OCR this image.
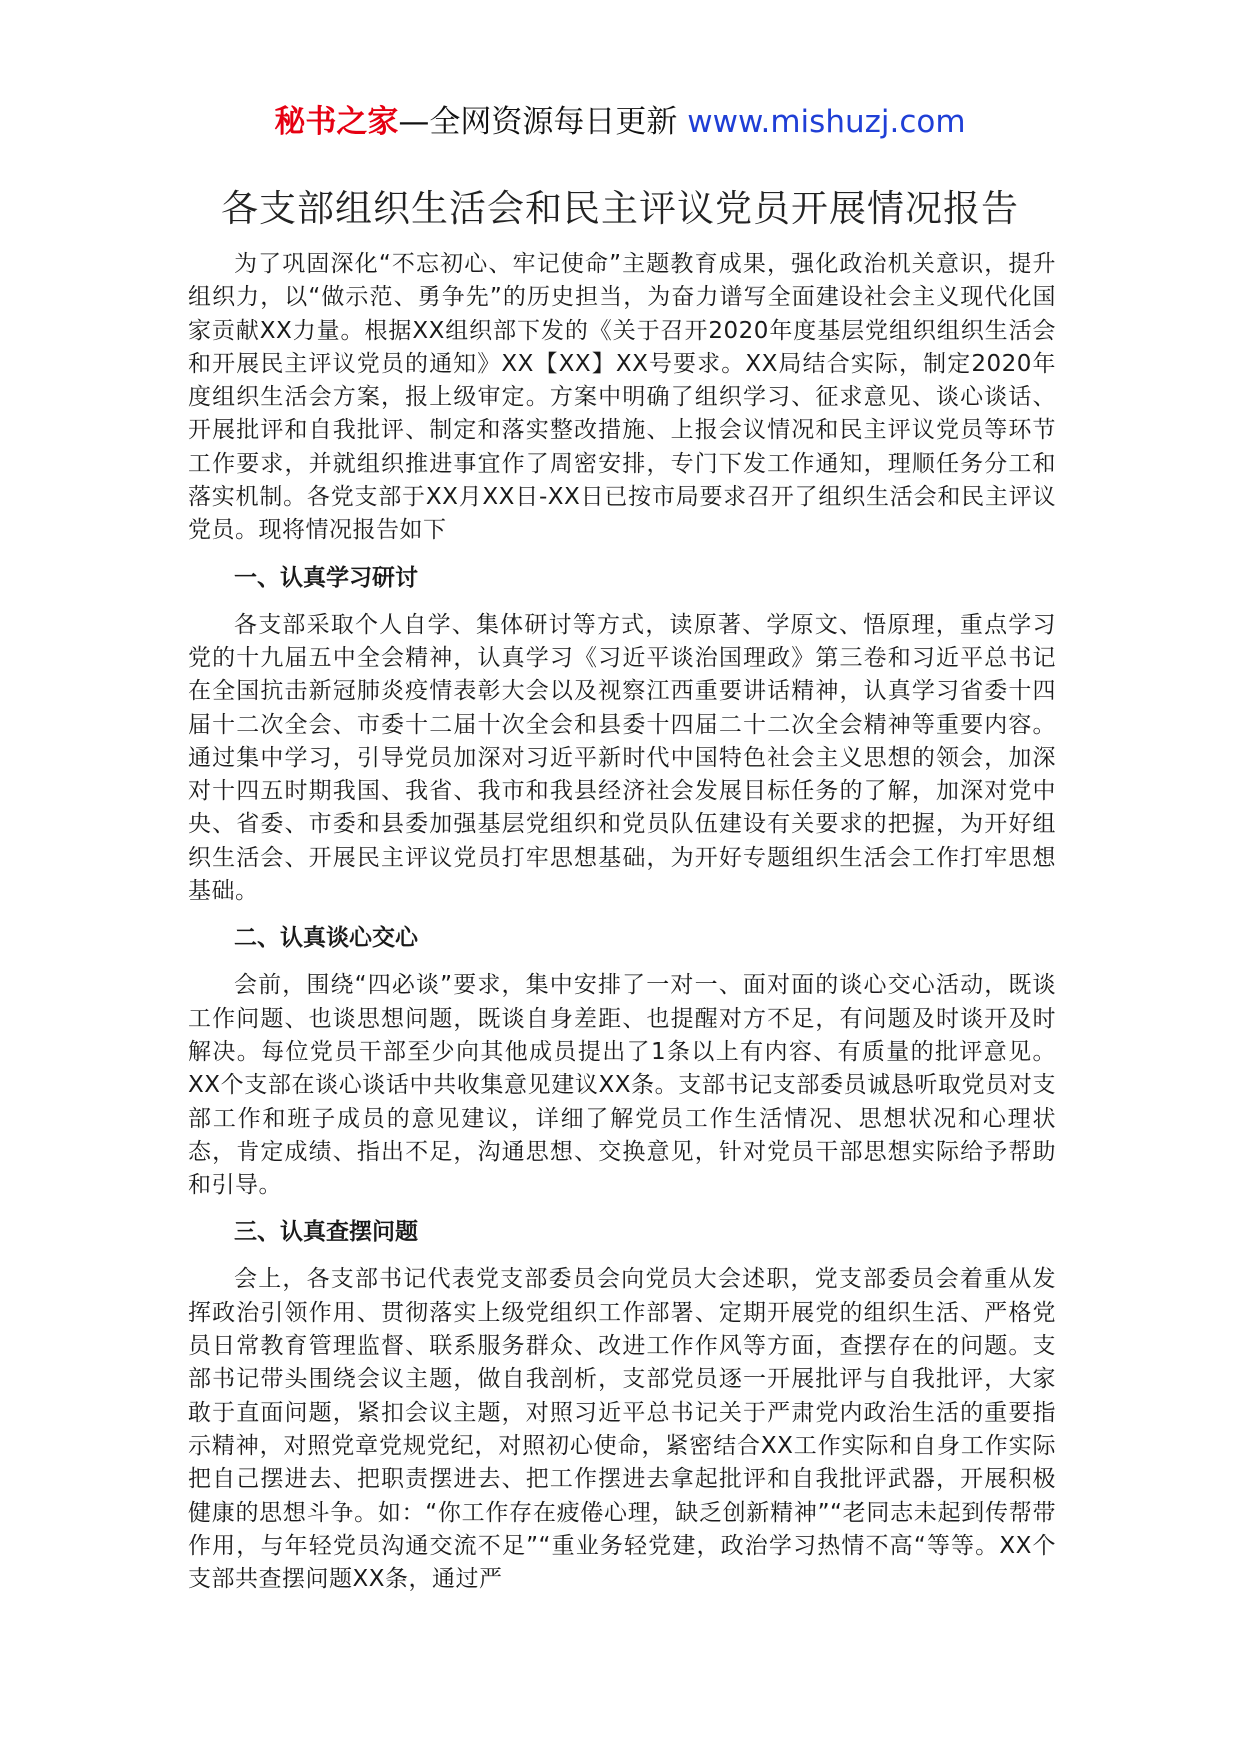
秘书之家—全网资源每日更新 www.mishuzj.com
各支部组织生活会和民主评议党员开展情况报告

为了巩固深化“不忘初心、牢记使命”主题教育成果，强化政治机关意识，提升组织力，以“做示范、勇争先”的历史担当，为奋力谱写全面建设社会主义现代化国家贡献XX力量。根据XX组织部下发的《关于召开2020年度基层党组织组织生活会和开展民主评议党员的通知》XX【XX】XX号要求。XX局结合实际，制定2020年度组织生活会方案，报上级审定。方案中明确了组织学习、征求意见、谈心谈话、开展批评和自我批评、制定和落实整改措施、上报会议情况和民主评议党员等环节工作要求，并就组织推进事宜作了周密安排，专门下发工作通知，理顺任务分工和落实机制。各党支部于XX月XX日-XX日已按市局要求召开了组织生活会和民主评议党员。现将情况报告如下

一、认真学习研讨

各支部采取个人自学、集体研讨等方式，读原著、学原文、悟原理，重点学习党的十九届五中全会精神，认真学习《习近平谈治国理政》第三卷和习近平总书记在全国抗击新冠肺炎疫情表彰大会以及视察江西重要讲话精神，认真学习省委十四届十二次全会、市委十二届十次全会和县委十四届二十二次全会精神等重要内容。通过集中学习，引导党员加深对习近平新时代中国特色社会主义思想的领会，加深对十四五时期我国、我省、我市和我县经济社会发展目标任务的了解，加深对党中央、省委、市委和县委加强基层党组织和党员队伍建设有关要求的把握，为开好组织生活会、开展民主评议党员打牢思想基础，为开好专题组织生活会工作打牢思想基础。

二、认真谈心交心

会前，围绕“四必谈”要求，集中安排了一对一、面对面的谈心交心活动，既谈工作问题、也谈思想问题，既谈自身差距、也提醒对方不足，有问题及时谈开及时解决。每位党员干部至少向其他成员提出了1条以上有内容、有质量的批评意见。XX个支部在谈心谈话中共收集意见建议XX条。支部书记支部委员诚恳听取党员对支部工作和班子成员的意见建议，详细了解党员工作生活情况、思想状况和心理状态，肯定成绩、指出不足，沟通思想、交换意见，针对党员干部思想实际给予帮助和引导。

三、认真查摆问题

会上，各支部书记代表党支部委员会向党员大会述职，党支部委员会着重从发挥政治引领作用、贯彻落实上级党组织工作部署、定期开展党的组织生活、严格党员日常教育管理监督、联系服务群众、改进工作作风等方面，查摆存在的问题。支部书记带头围绕会议主题，做自我剖析，支部党员逐一开展批评与自我批评，大家敢于直面问题，紧扣会议主题，对照习近平总书记关于严肃党内政治生活的重要指示精神，对照党章党规党纪，对照初心使命，紧密结合XX工作实际和自身工作实际把自己摆进去、把职责摆进去、把工作摆进去拿起批评和自我批评武器，开展积极健康的思想斗争。如：“你工作存在疲倦心理，缺乏创新精神”“老同志未起到传帮带作用，与年轻党员沟通交流不足”“重业务轻党建，政治学习热情不高“等等。XX个支部共查摆问题XX条，通过严
